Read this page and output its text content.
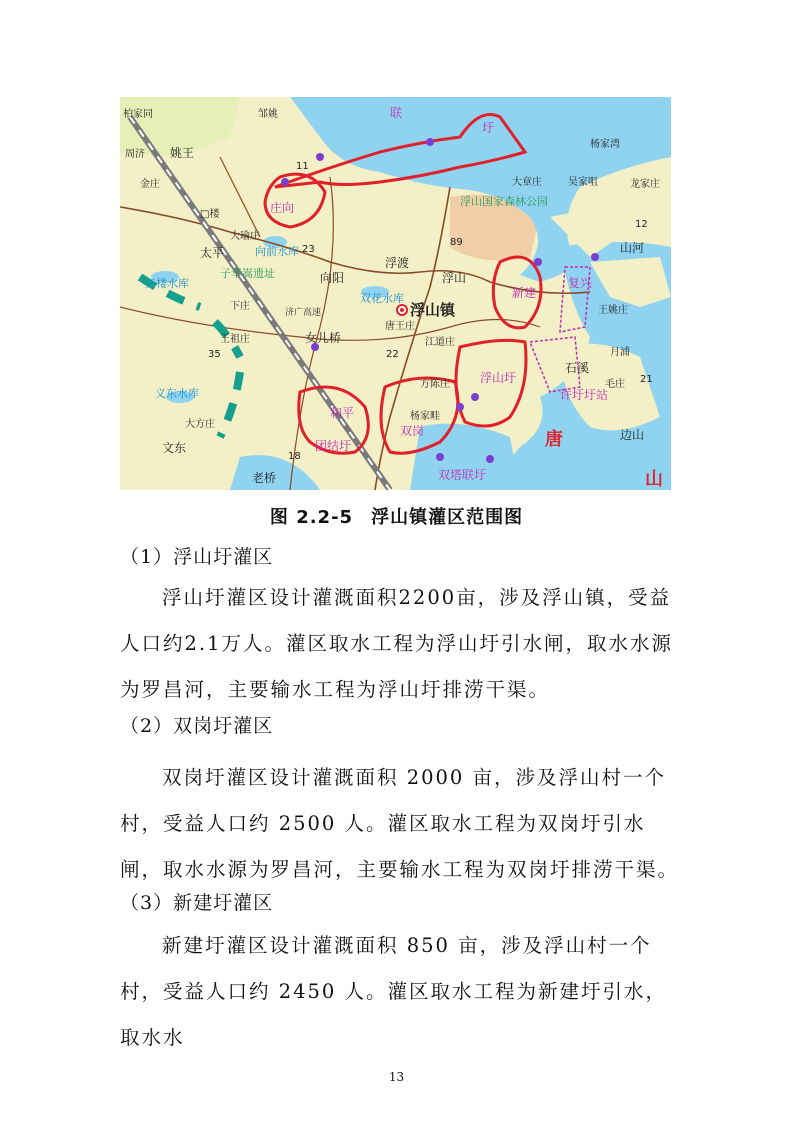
邹姚
柏家同
姚王
周济
金庄
□楼
大瑜庄
太平
向阳
浮渡
浮山
浮山镇
女儿桥
王祖庄
下庄
唐王庄
江道庄
方陈庄
杨家畦
文东
大方庄
老桥
山河
石溪
边山
王姚庄
月浦
毛庄
吴家咀
大章庄
杨家湾
龙家庄
11
23
89
35	22
18
12
21
浮山国家森林公园
向前水库
工楼水库
双花水库
子华嵩遗址
义东水库
济广高速
联
圩
庄向
和平
团结圩
双岗
新建
浮山圩
复兴
双塔联圩
许圩圩站
唐
山
图 2.2-5 浮山镇灌区范围图
（1）浮山圩灌区
浮山圩灌区设计灌溉面积2200亩，涉及浮山镇，受益人口约2.1万人。灌区取水工程为浮山圩引水闸，取水水源为罗昌河，主要输水工程为浮山圩排涝干渠。
（2）双岗圩灌区
双岗圩灌区设计灌溉面积 2000 亩，涉及浮山村一个村，受益人口约 2500 人。灌区取水工程为双岗圩引水闸，取水水源为罗昌河，主要输水工程为双岗圩排涝干渠。
（3）新建圩灌区
新建圩灌区设计灌溉面积 850 亩，涉及浮山村一个村，受益人口约 2450 人。灌区取水工程为新建圩引水，取水水
13
